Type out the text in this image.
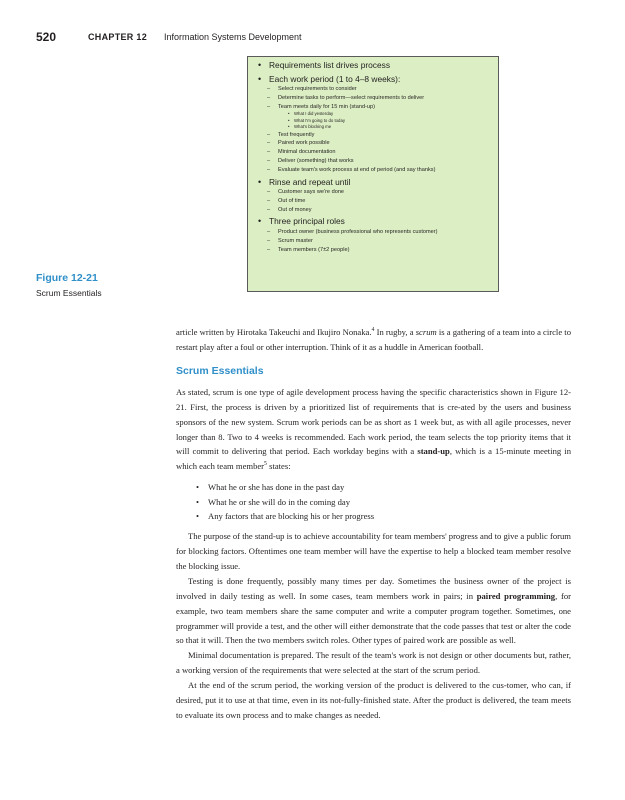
520	CHAPTER 12 Information Systems Development
• Requirements list drives process
• Each work period (1 to 4–8 weeks):
– Select requirements to consider
– Determine tasks to perform—select requirements to deliver
– Team meets daily for 15 min (stand-up)
• What I did yesterday
• What I'm going to do today
• What's blocking me
– Test frequently
– Paired work possible
– Minimal documentation
– Deliver (something) that works
– Evaluate team's work process at end of period (and say thanks)
• Rinse and repeat until
– Customer says we're done
– Out of time
– Out of money
• Three principal roles
– Product owner (business professional who represents customer)
– Scrum master
– Team members (7±2 people)
Figure 12-21
Scrum Essentials

article written by Hirotaka Takeuchi and Ikujiro Nonaka.$^4$ In rugby, a scrum is a gathering of a team into a circle to restart play after a foul or other interruption. Think of it as a huddle in American football.

Scrum Essentials

As stated, scrum is one type of agile development process having the specific characteristics shown in Figure 12-21. First, the process is driven by a prioritized list of requirements that is cre-ated by the users and business sponsors of the new system. Scrum work periods can be as short as 1 week but, as with all agile processes, never longer than 8. Two to 4 weeks is recommended. Each work period, the team selects the top priority items that it will commit to delivering that period. Each workday begins with a stand-up, which is a 15-minute meeting in which each team member$^5$ states:

• What he or she has done in the past day
• What he or she will do in the coming day
• Any factors that are blocking his or her progress

The purpose of the stand-up is to achieve accountability for team members' progress and to give a public forum for blocking factors. Oftentimes one team member will have the expertise to help a blocked team member resolve the blocking issue.

Testing is done frequently, possibly many times per day. Sometimes the business owner of the project is involved in daily testing as well. In some cases, team members work in pairs; in paired programming, for example, two team members share the same computer and write a computer program together. Sometimes, one programmer will provide a test, and the other will either demonstrate that the code passes that test or alter the code so that it will. Then the two members switch roles. Other types of paired work are possible as well.

Minimal documentation is prepared. The result of the team's work is not design or other documents but, rather, a working version of the requirements that were selected at the start of the scrum period.

At the end of the scrum period, the working version of the product is delivered to the cus-tomer, who can, if desired, put it to use at that time, even in its not-fully-finished state. After the product is delivered, the team meets to evaluate its own process and to make changes as needed.
